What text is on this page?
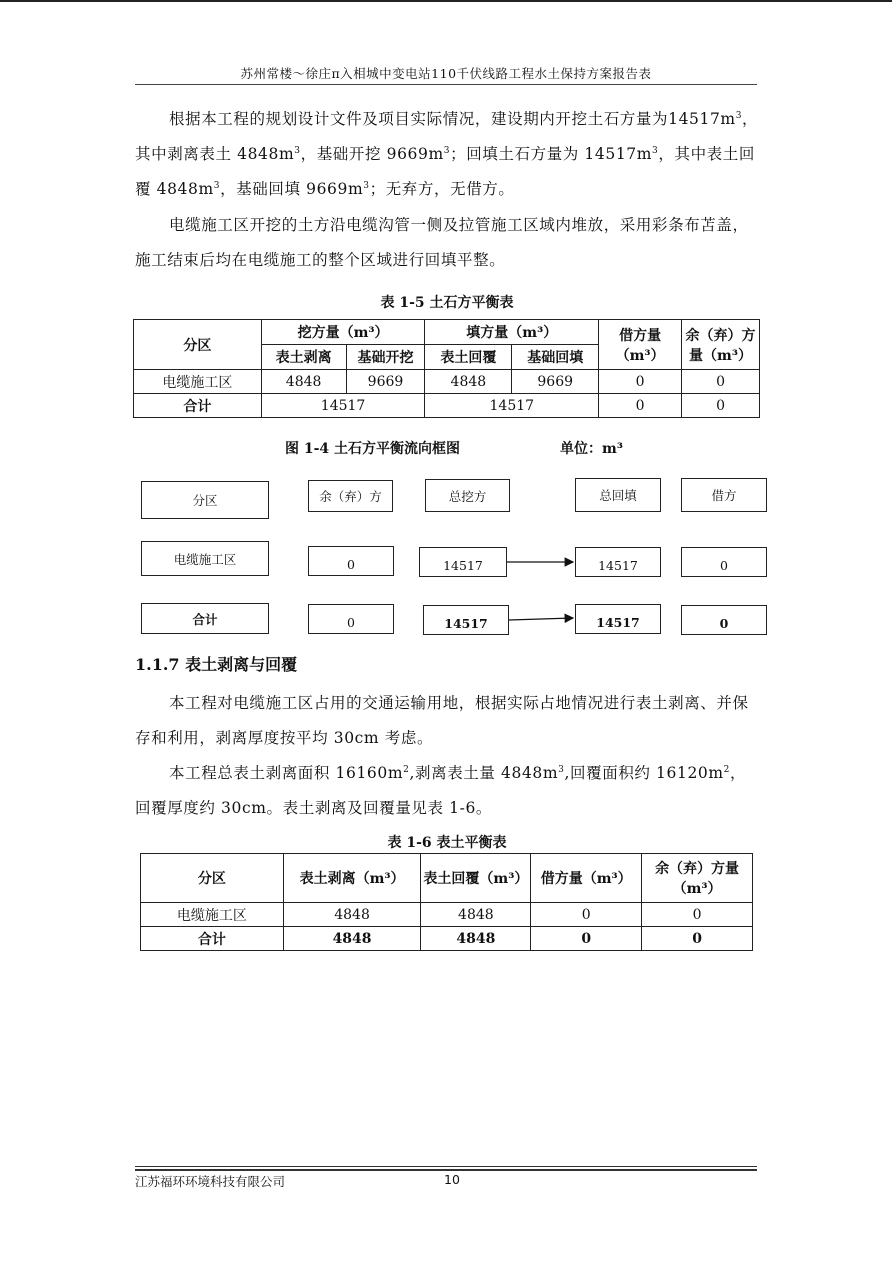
苏州常楼～徐庄π入相城中变电站110千伏线路工程水土保持方案报告表

根据本工程的规划设计文件及项目实际情况，建设期内开挖土石方量为$14517m^3$，其中剥离表土 $4848m^3$，基础开挖 $9669m^3$；回填土石方量为 $14517m^3$，其中表土回覆 $4848m^3$，基础回填 $9669m^3$；无弃方，无借方。

电缆施工区开挖的土方沿电缆沟管一侧及拉管施工区域内堆放，采用彩条布苫盖，施工结束后均在电缆施工的整个区域进行回填平整。

表 1-5 土石方平衡表
分区	挖方量（m³）		填方量（m³）		借方量（m³）	余（弃）方量（m³）
	表土剥离	基础开挖	表土回覆	基础回填		
电缆施工区	4848	9669	4848	9669	0	0
合计	14517		14517		0	0
图 1-4 土石方平衡流向框图	单位：m³
分区	余（弃）方	总挖方	总回填	借方
电缆施工区	0	14517	14517	0
合计	0	14517	14517	0
1.1.7 表土剥离与回覆

本工程对电缆施工区占用的交通运输用地，根据实际占地情况进行表土剥离、并保存和利用，剥离厚度按平均 30cm 考虑。

本工程总表土剥离面积 $16160m^2$,剥离表土量 $4848m^3$,回覆面积约 $16120m^2$，回覆厚度约 30cm。表土剥离及回覆量见表 1-6。

表 1-6 表土平衡表
分区	表土剥离（m³）	表土回覆（m³）	借方量（m³）	余（弃）方量（m³）
电缆施工区	4848	4848	0	0
合计	4848	4848	0	0
江苏福环环境科技有限公司	10
